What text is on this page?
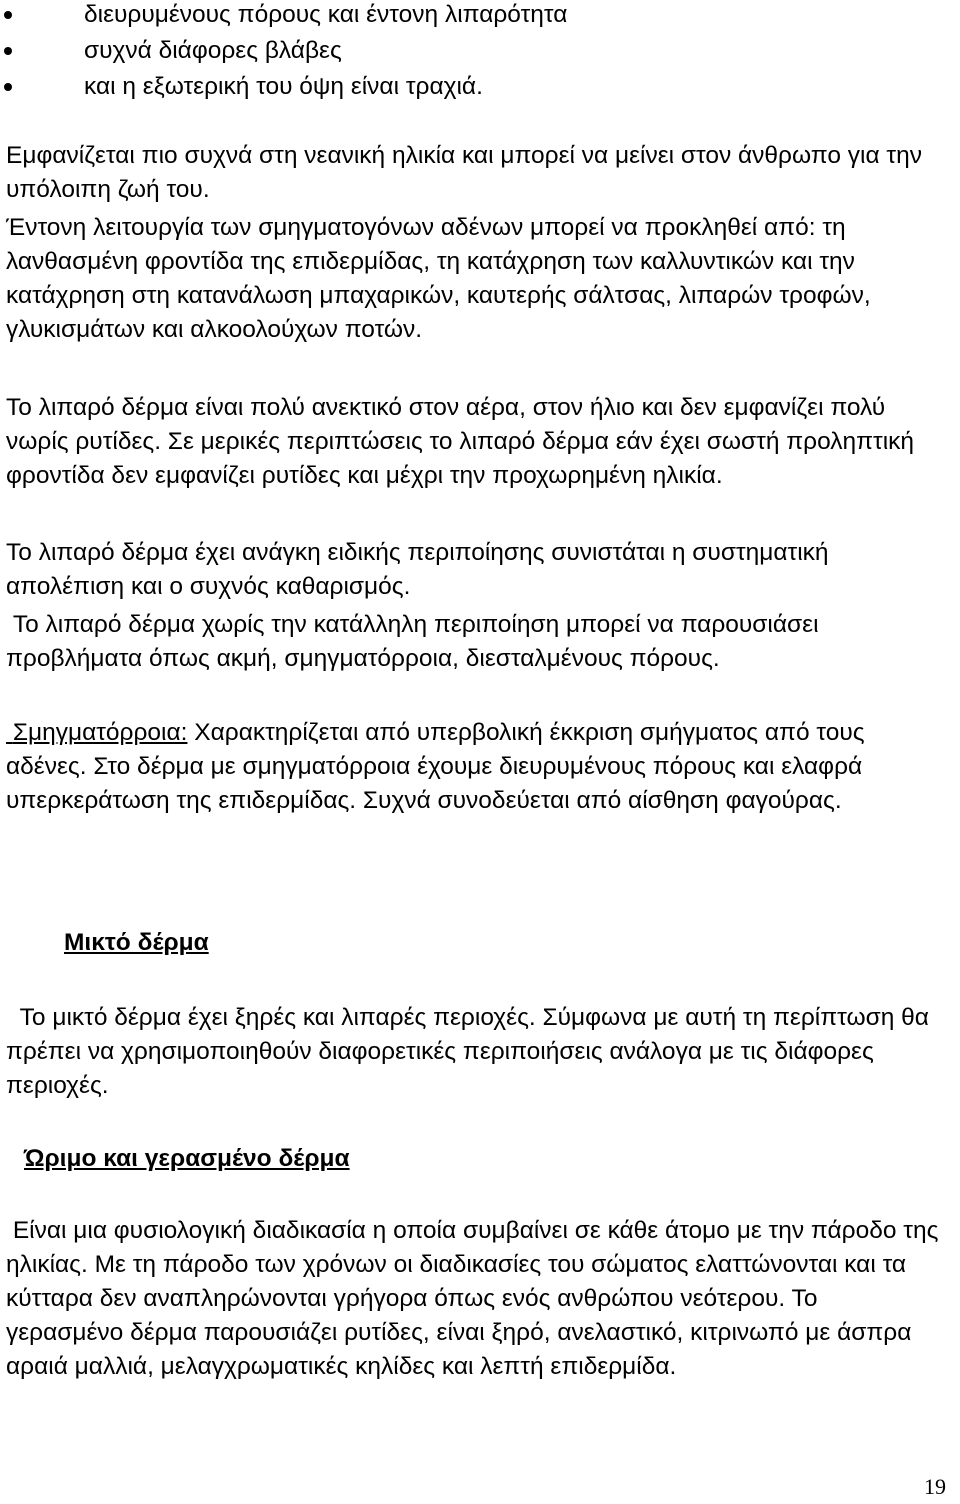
διευρυμένους πόρους και έντονη λιπαρότητα
συχνά διάφορες βλάβες
και η εξωτερική του όψη είναι τραχιά.

Εμφανίζεται πιο συχνά στη νεανική ηλικία και μπορεί να μείνει στον άνθρωπο για την υπόλοιπη ζωή του.

Έντονη λειτουργία των σμηγματογόνων αδένων μπορεί να προκληθεί από: τη λανθασμένη φροντίδα της επιδερμίδας, τη κατάχρηση των καλλυντικών και την κατάχρηση στη κατανάλωση μπαχαρικών, καυτερής σάλτσας, λιπαρών τροφών, γλυκισμάτων και αλκοολούχων ποτών.

Το λιπαρό δέρμα είναι πολύ ανεκτικό στον αέρα, στον ήλιο και δεν εμφανίζει πολύ νωρίς ρυτίδες. Σε μερικές περιπτώσεις το λιπαρό δέρμα εάν έχει σωστή προληπτική φροντίδα δεν εμφανίζει ρυτίδες και μέχρι την προχωρημένη ηλικία.

Το λιπαρό δέρμα έχει ανάγκη ειδικής περιποίησης συνιστάται η συστηματική απολέπιση και ο συχνός καθαρισμός.

Το λιπαρό δέρμα χωρίς την κατάλληλη περιποίηση μπορεί να παρουσιάσει προβλήματα όπως ακμή, σμηγματόρροια, διεσταλμένους πόρους.

Σμηγματόρροια: Χαρακτηρίζεται από υπερβολική έκκριση σμήγματος από τους αδένες. Στο δέρμα με σμηγματόρροια έχουμε διευρυμένους πόρους και ελαφρά υπερκεράτωση της επιδερμίδας. Συχνά συνοδεύεται από αίσθηση φαγούρας.

Μικτό δέρμα

Το μικτό δέρμα έχει ξηρές και λιπαρές περιοχές. Σύμφωνα με αυτή τη περίπτωση θα πρέπει να χρησιμοποιηθούν διαφορετικές περιποιήσεις ανάλογα με τις διάφορες περιοχές.

Ώριμο και γερασμένο δέρμα

Είναι μια φυσιολογική διαδικασία η οποία συμβαίνει σε κάθε άτομο με την πάροδο της ηλικίας. Με τη πάροδο των χρόνων οι διαδικασίες του σώματος ελαττώνονται και τα κύτταρα δεν αναπληρώνονται γρήγορα όπως ενός ανθρώπου νεότερου. Το γερασμένο δέρμα παρουσιάζει ρυτίδες, είναι ξηρό, ανελαστικό, κιτρινωπό με άσπρα αραιά μαλλιά, μελαγχρωματικές κηλίδες και λεπτή επιδερμίδα.

19
